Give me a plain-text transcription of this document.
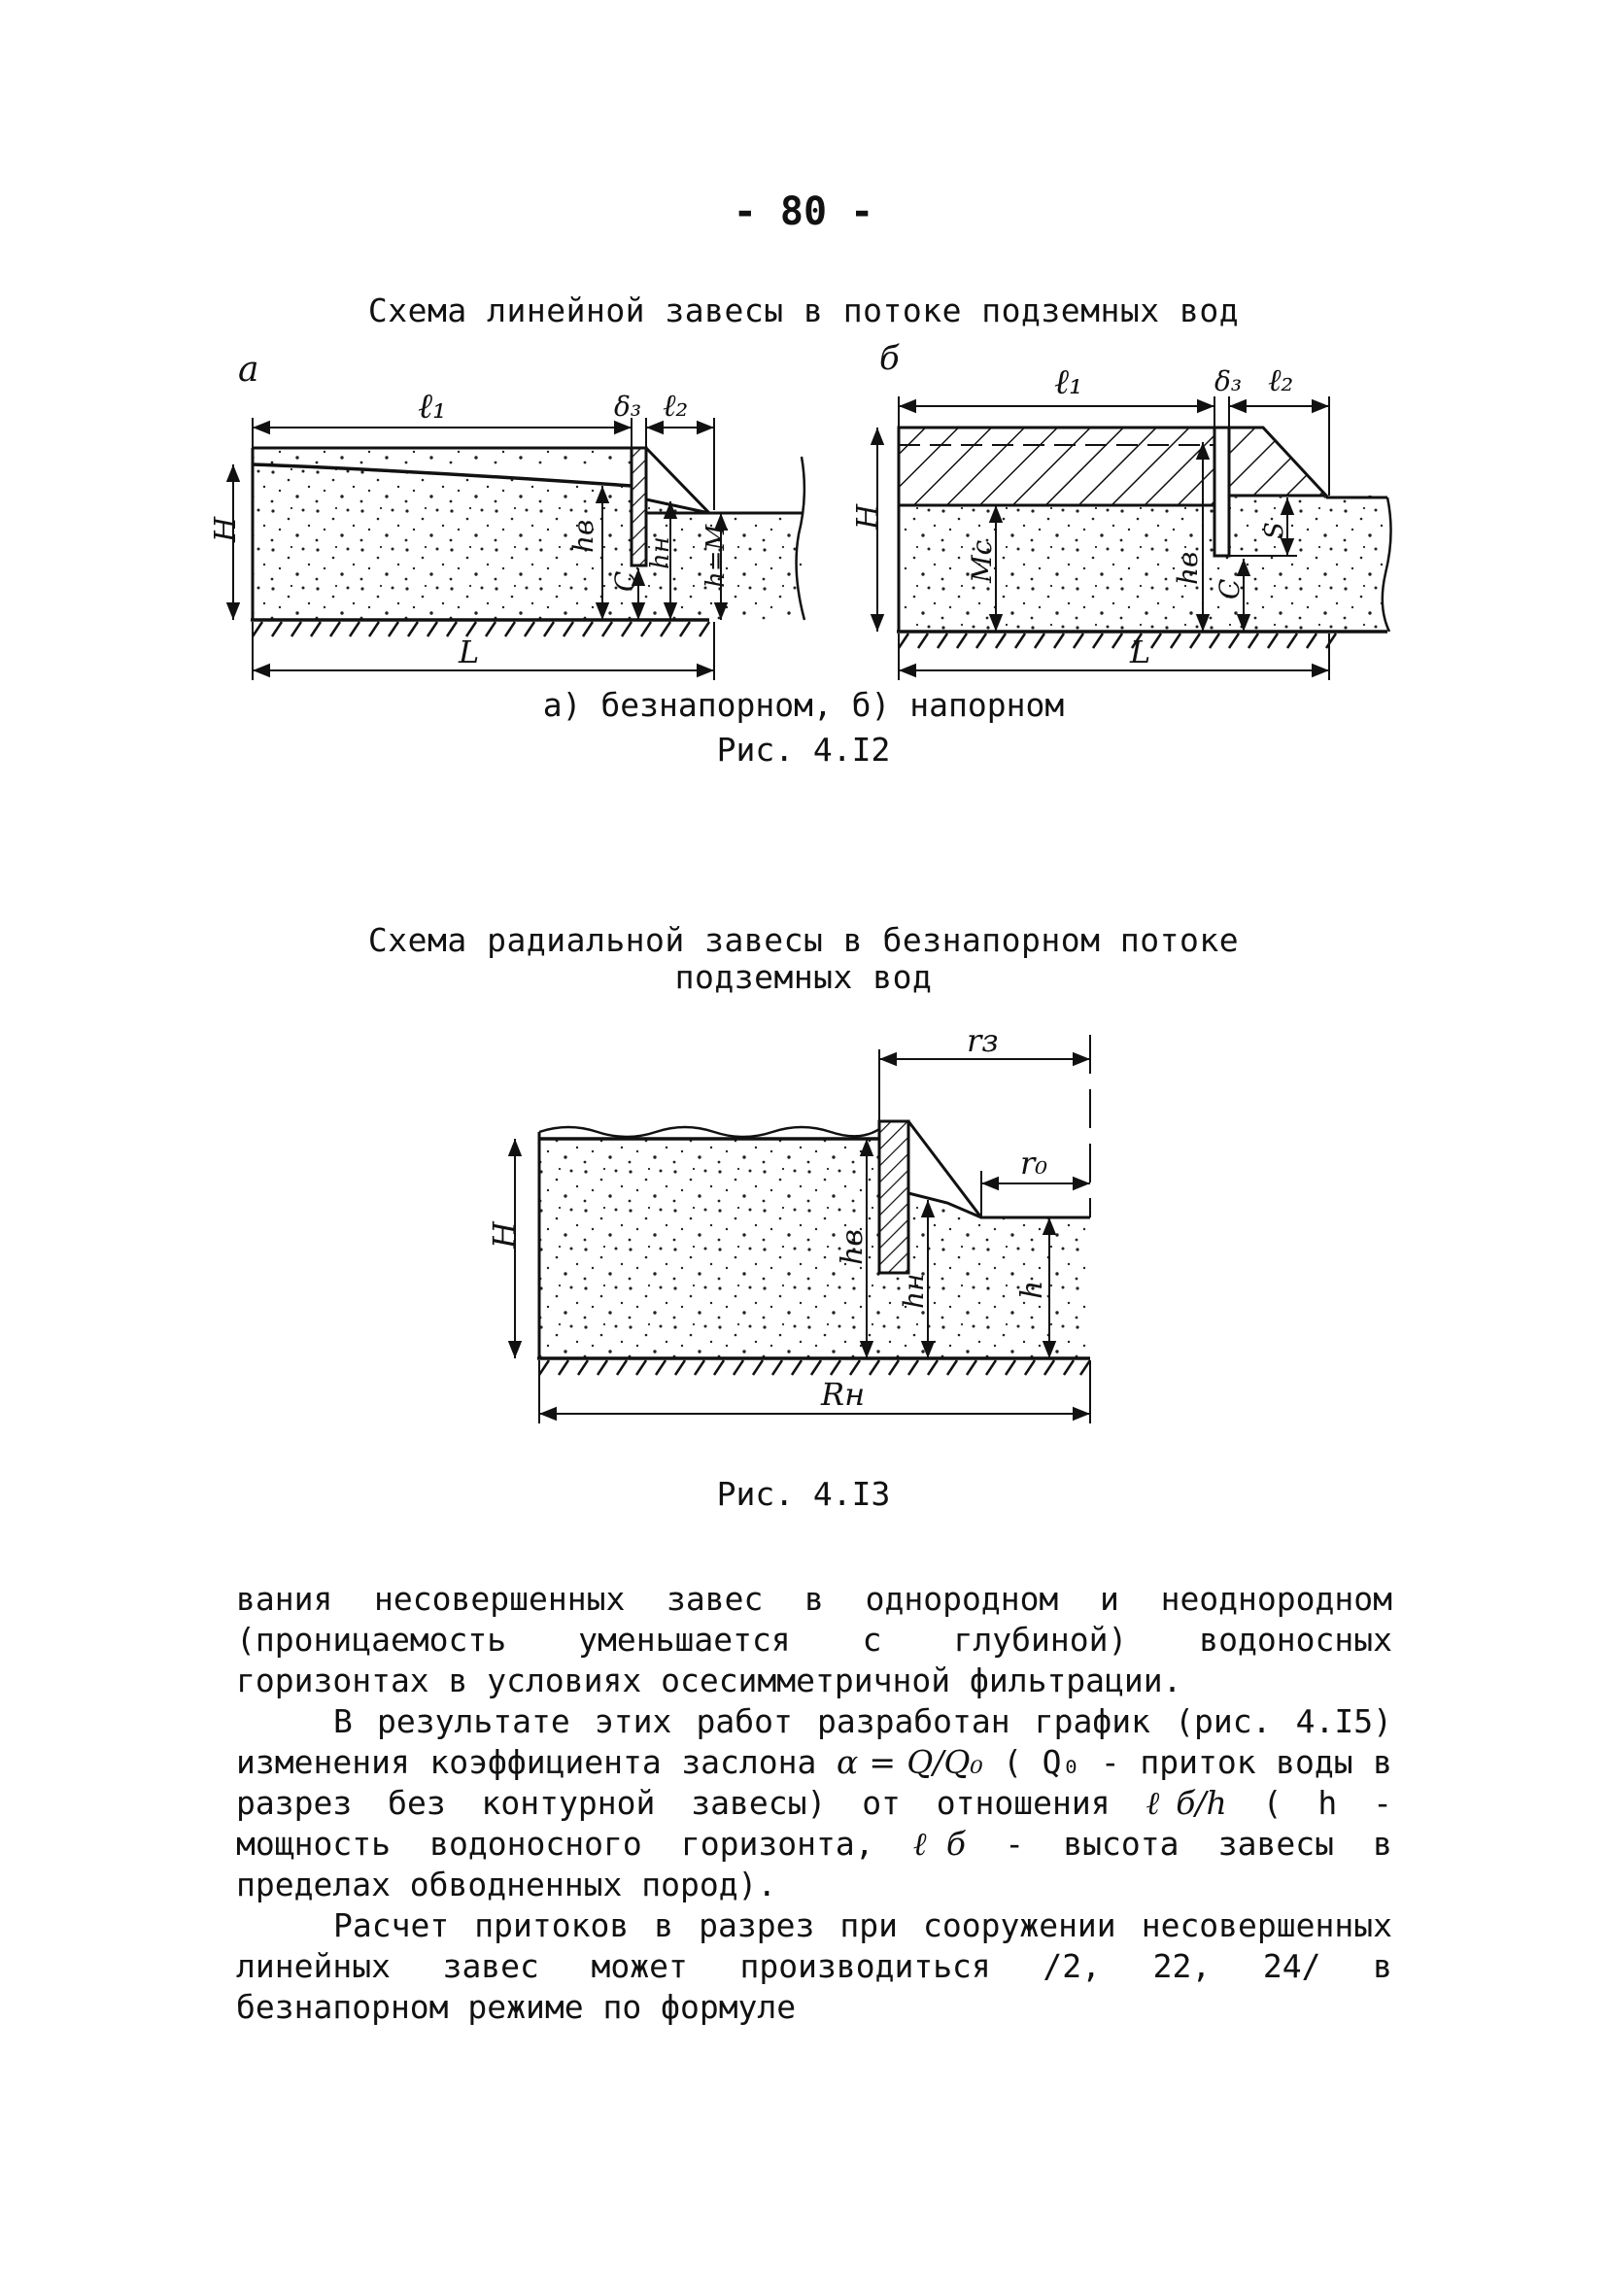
- 80 -
Схема линейной завесы в потоке подземных вод
а
ℓ₁	δ₃ ℓ₂
H	hв
C
hн h=M
L
б
ℓ₁	δ₃ ℓ₂
H
Mc	hв
C
S
L
а) безнапорном, б) напорном
Рис. 4.I2
Схема радиальной завесы в безнапорном потоке
подземных вод
rз
r₀
H	hв
hн	h
Rн
Рис. 4.I3

вания несовершенных завес в однородном и неоднородном (проницаемость уменьшается с глубиной) водоносных горизонтах в условиях осесимметричной фильтрации.

В результате этих работ разработан график (рис. 4.I5) изменения коэффициента заслона α = Q/Q₀ ( Q₀ - приток воды в разрез без контурной завесы) от отношения ℓб/h ( h - мощность водоносного горизонта, ℓб - высота завесы в пределах обводненных пород).

Расчет притоков в разрез при сооружении несовершенных линейных завес может производиться /2, 22, 24/ в безнапорном режиме по формуле
